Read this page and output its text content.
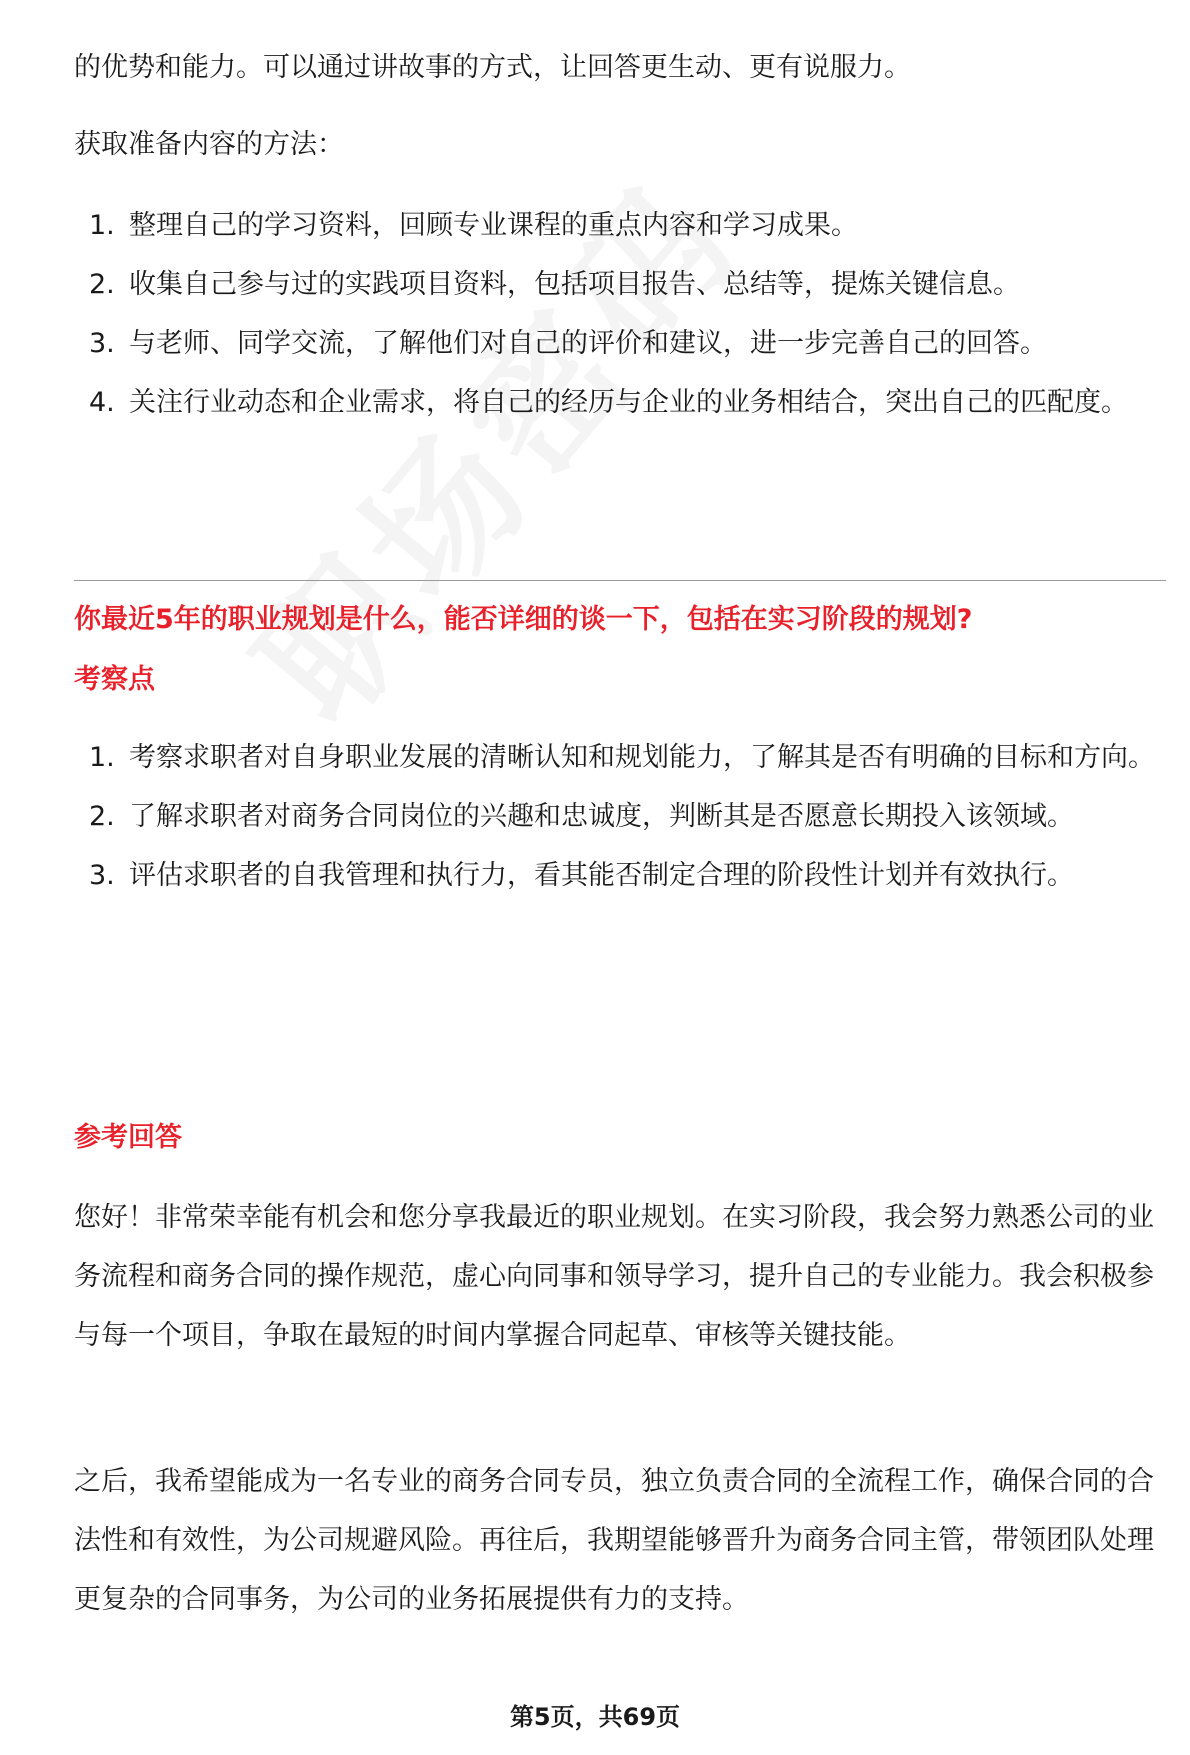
的优势和能力。可以通过讲故事的方式，让回答更生动、更有说服力。

获取准备内容的方法：

1. 整理自己的学习资料，回顾专业课程的重点内容和学习成果。
2. 收集自己参与过的实践项目资料，包括项目报告、总结等，提炼关键信息。
3. 与老师、同学交流，了解他们对自己的评价和建议，进一步完善自己的回答。
4. 关注行业动态和企业需求，将自己的经历与企业的业务相结合，突出自己的匹配度。
你最近5年的职业规划是什么，能否详细的谈一下，包括在实习阶段的规划?
考察点
1. 考察求职者对自身职业发展的清晰认知和规划能力，了解其是否有明确的目标和方向。
2. 了解求职者对商务合同岗位的兴趣和忠诚度，判断其是否愿意长期投入该领域。
3. 评估求职者的自我管理和执行力，看其能否制定合理的阶段性计划并有效执行。
参考回答

您好！非常荣幸能有机会和您分享我最近的职业规划。在实习阶段，我会努力熟悉公司的业务流程和商务合同的操作规范，虚心向同事和领导学习，提升自己的专业能力。我会积极参与每一个项目，争取在最短的时间内掌握合同起草、审核等关键技能。

之后，我希望能成为一名专业的商务合同专员，独立负责合同的全流程工作，确保合同的合法性和有效性，为公司规避风险。再往后，我期望能够晋升为商务合同主管，带领团队处理更复杂的合同事务，为公司的业务拓展提供有力的支持。

第5页，共69页
